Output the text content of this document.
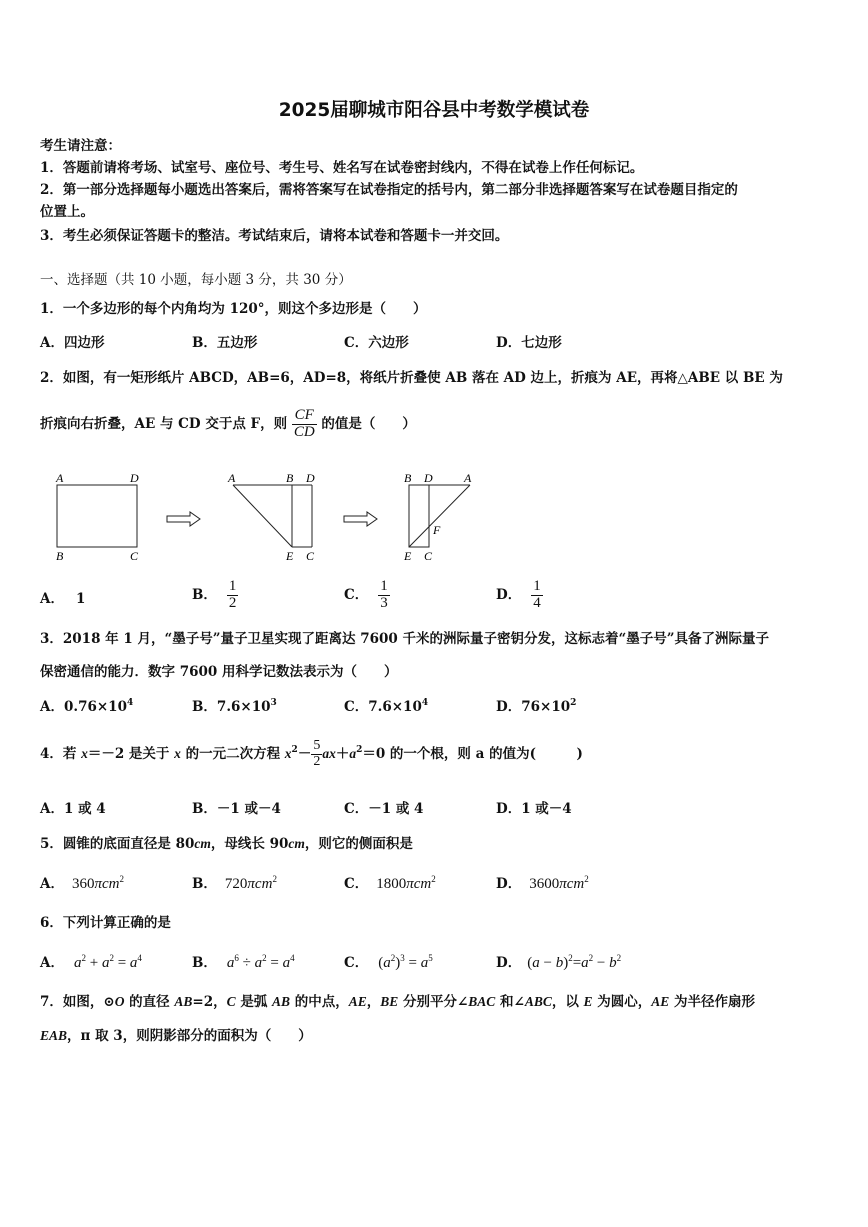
2025届聊城市阳谷县中考数学模试卷
考生请注意：
1．答题前请将考场、试室号、座位号、考生号、姓名写在试卷密封线内，不得在试卷上作任何标记。
2．第一部分选择题每小题选出答案后，需将答案写在试卷指定的括号内，第二部分非选择题答案写在试卷题目指定的
位置上。
3．考生必须保证答题卡的整洁。考试结束后，请将本试卷和答题卡一并交回。
一、选择题（共 10 小题，每小题 3 分，共 30 分）
1．一个多边形的每个内角均为 120°，则这个多边形是（　　）
A．四边形	B．五边形	C．六边形	D．七边形
2．如图，有一矩形纸片 ABCD，AB=6，AD=8，将纸片折叠使 AB 落在 AD 边上，折痕为 AE，再将△ABE 以 BE 为
折痕向右折叠，AE 与 CD 交于点 F，则 $\frac{CF}{CD}$ 的值是（　　）
A	D
B	C
A	B D
E C
B D	A
F
E C
A． 1	B． $\frac{1}{2}$	C． $\frac{1}{3}$	D． $\frac{1}{4}$
3．2018 年 1 月，“墨子号”量子卫星实现了距离达 7600 千米的洲际量子密钥分发，这标志着“墨子号”具备了洲际量子
保密通信的能力．数字 7600 用科学记数法表示为（　　）
A．$0.76\times 10^4$	B．$7.6\times 10^3$	C．$7.6\times 10^4$	D．$76\times 10^2$
4．若 x＝－2 是关于 x 的一元二次方程 $x^2- \frac{5}{2} ax+a^2=0$ 的一个根，则 a 的值为(　　　)
A．1 或 4	B．－1 或－4	C．－1 或 4	D．1 或－4
5．圆锥的底面直径是 80cm，母线长 90cm，则它的侧面积是
A． 360πcm$^2$	B． 720πcm$^2$	C． 1800πcm$^2$	D． 3600πcm$^2$
6．下列计算正确的是
A． $a^2 + a^2 = a^4$	B． $a^6 \div a^2 = a^4$	C． $(a^2)^3 = a^5$	D． $(a - b)^2=a^2 - b^2$
7．如图，⊙O 的直径 AB=2，C 是弧 AB 的中点，AE，BE 分别平分∠BAC 和∠ABC，以 E 为圆心，AE 为半径作扇形
EAB，π 取 3，则阴影部分的面积为（　　）
